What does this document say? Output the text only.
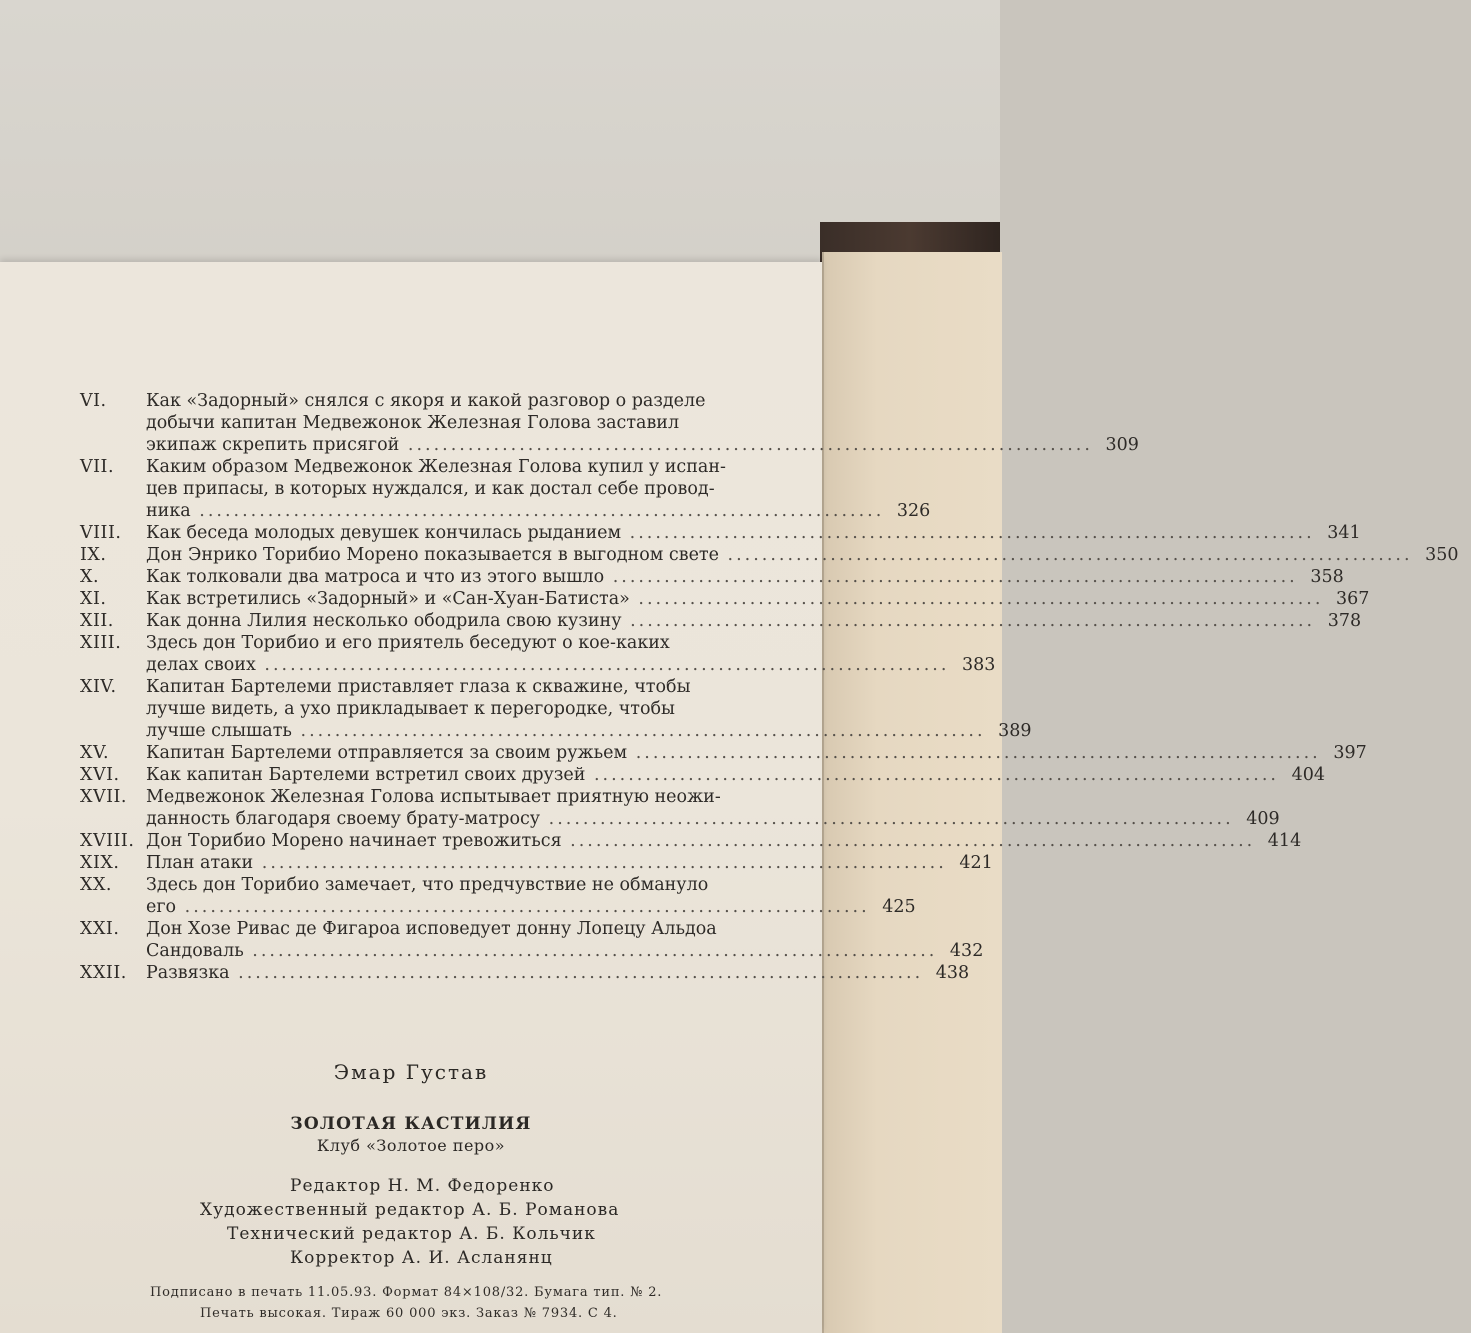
VI.	Как «Задорный» снялся с якоря и какой разговор о разделе
добычи капитан Медвежонок Железная Голова заставил
экипаж скрепить присягой ................................................................................ 309
VII.	Каким образом Медвежонок Железная Голова купил у испан-
цев припасы, в которых нуждался, и как достал себе провод-
ника ................................................................................ 326
VIII.	Как беседа молодых девушек кончилась рыданием ................................................................................ 341
IX.	Дон Энрико Торибио Морено показывается в выгодном свете ................................................................................ 350
X.	Как толковали два матроса и что из этого вышло ................................................................................ 358
XI.	Как встретились «Задорный» и «Сан-Хуан-Батиста» ................................................................................ 367
XII.	Как донна Лилия несколько ободрила свою кузину ................................................................................ 378
XIII.	Здесь дон Торибио и его приятель беседуют о кое-каких
делах своих ................................................................................ 383
XIV.	Капитан Бартелеми приставляет глаза к скважине, чтобы
лучше видеть, а ухо прикладывает к перегородке, чтобы
лучше слышать ................................................................................ 389
XV.	Капитан Бартелеми отправляется за своим ружьем ................................................................................ 397
XVI.	Как капитан Бартелеми встретил своих друзей ................................................................................ 404
XVII.	Медвежонок Железная Голова испытывает приятную неожи-
данность благодаря своему брату-матросу ................................................................................ 409
XVIII. Дон Торибио Морено начинает тревожиться ................................................................................ 414
XIX.	План атаки ................................................................................ 421
XX.	Здесь дон Торибио замечает, что предчувствие не обмануло
его ................................................................................ 425
XXI.	Дон Хозе Ривас де Фигароа исповедует донну Лопецу Альдоа
Сандоваль ................................................................................ 432
XXII.	Развязка ................................................................................ 438
Эмар Густав
ЗОЛОТАЯ КАСТИЛИЯ
Клуб «Золотое перо»
Редактор Н. М. Федоренко
Художественный редактор А. Б. Романова
Технический редактор А. Б. Кольчик
Корректор А. И. Асланянц
Подписано в печать 11.05.93. Формат 84×108/32. Бумага тип. № 2.
Печать высокая. Тираж 60 000 экз. Заказ № 7934. С 4.
